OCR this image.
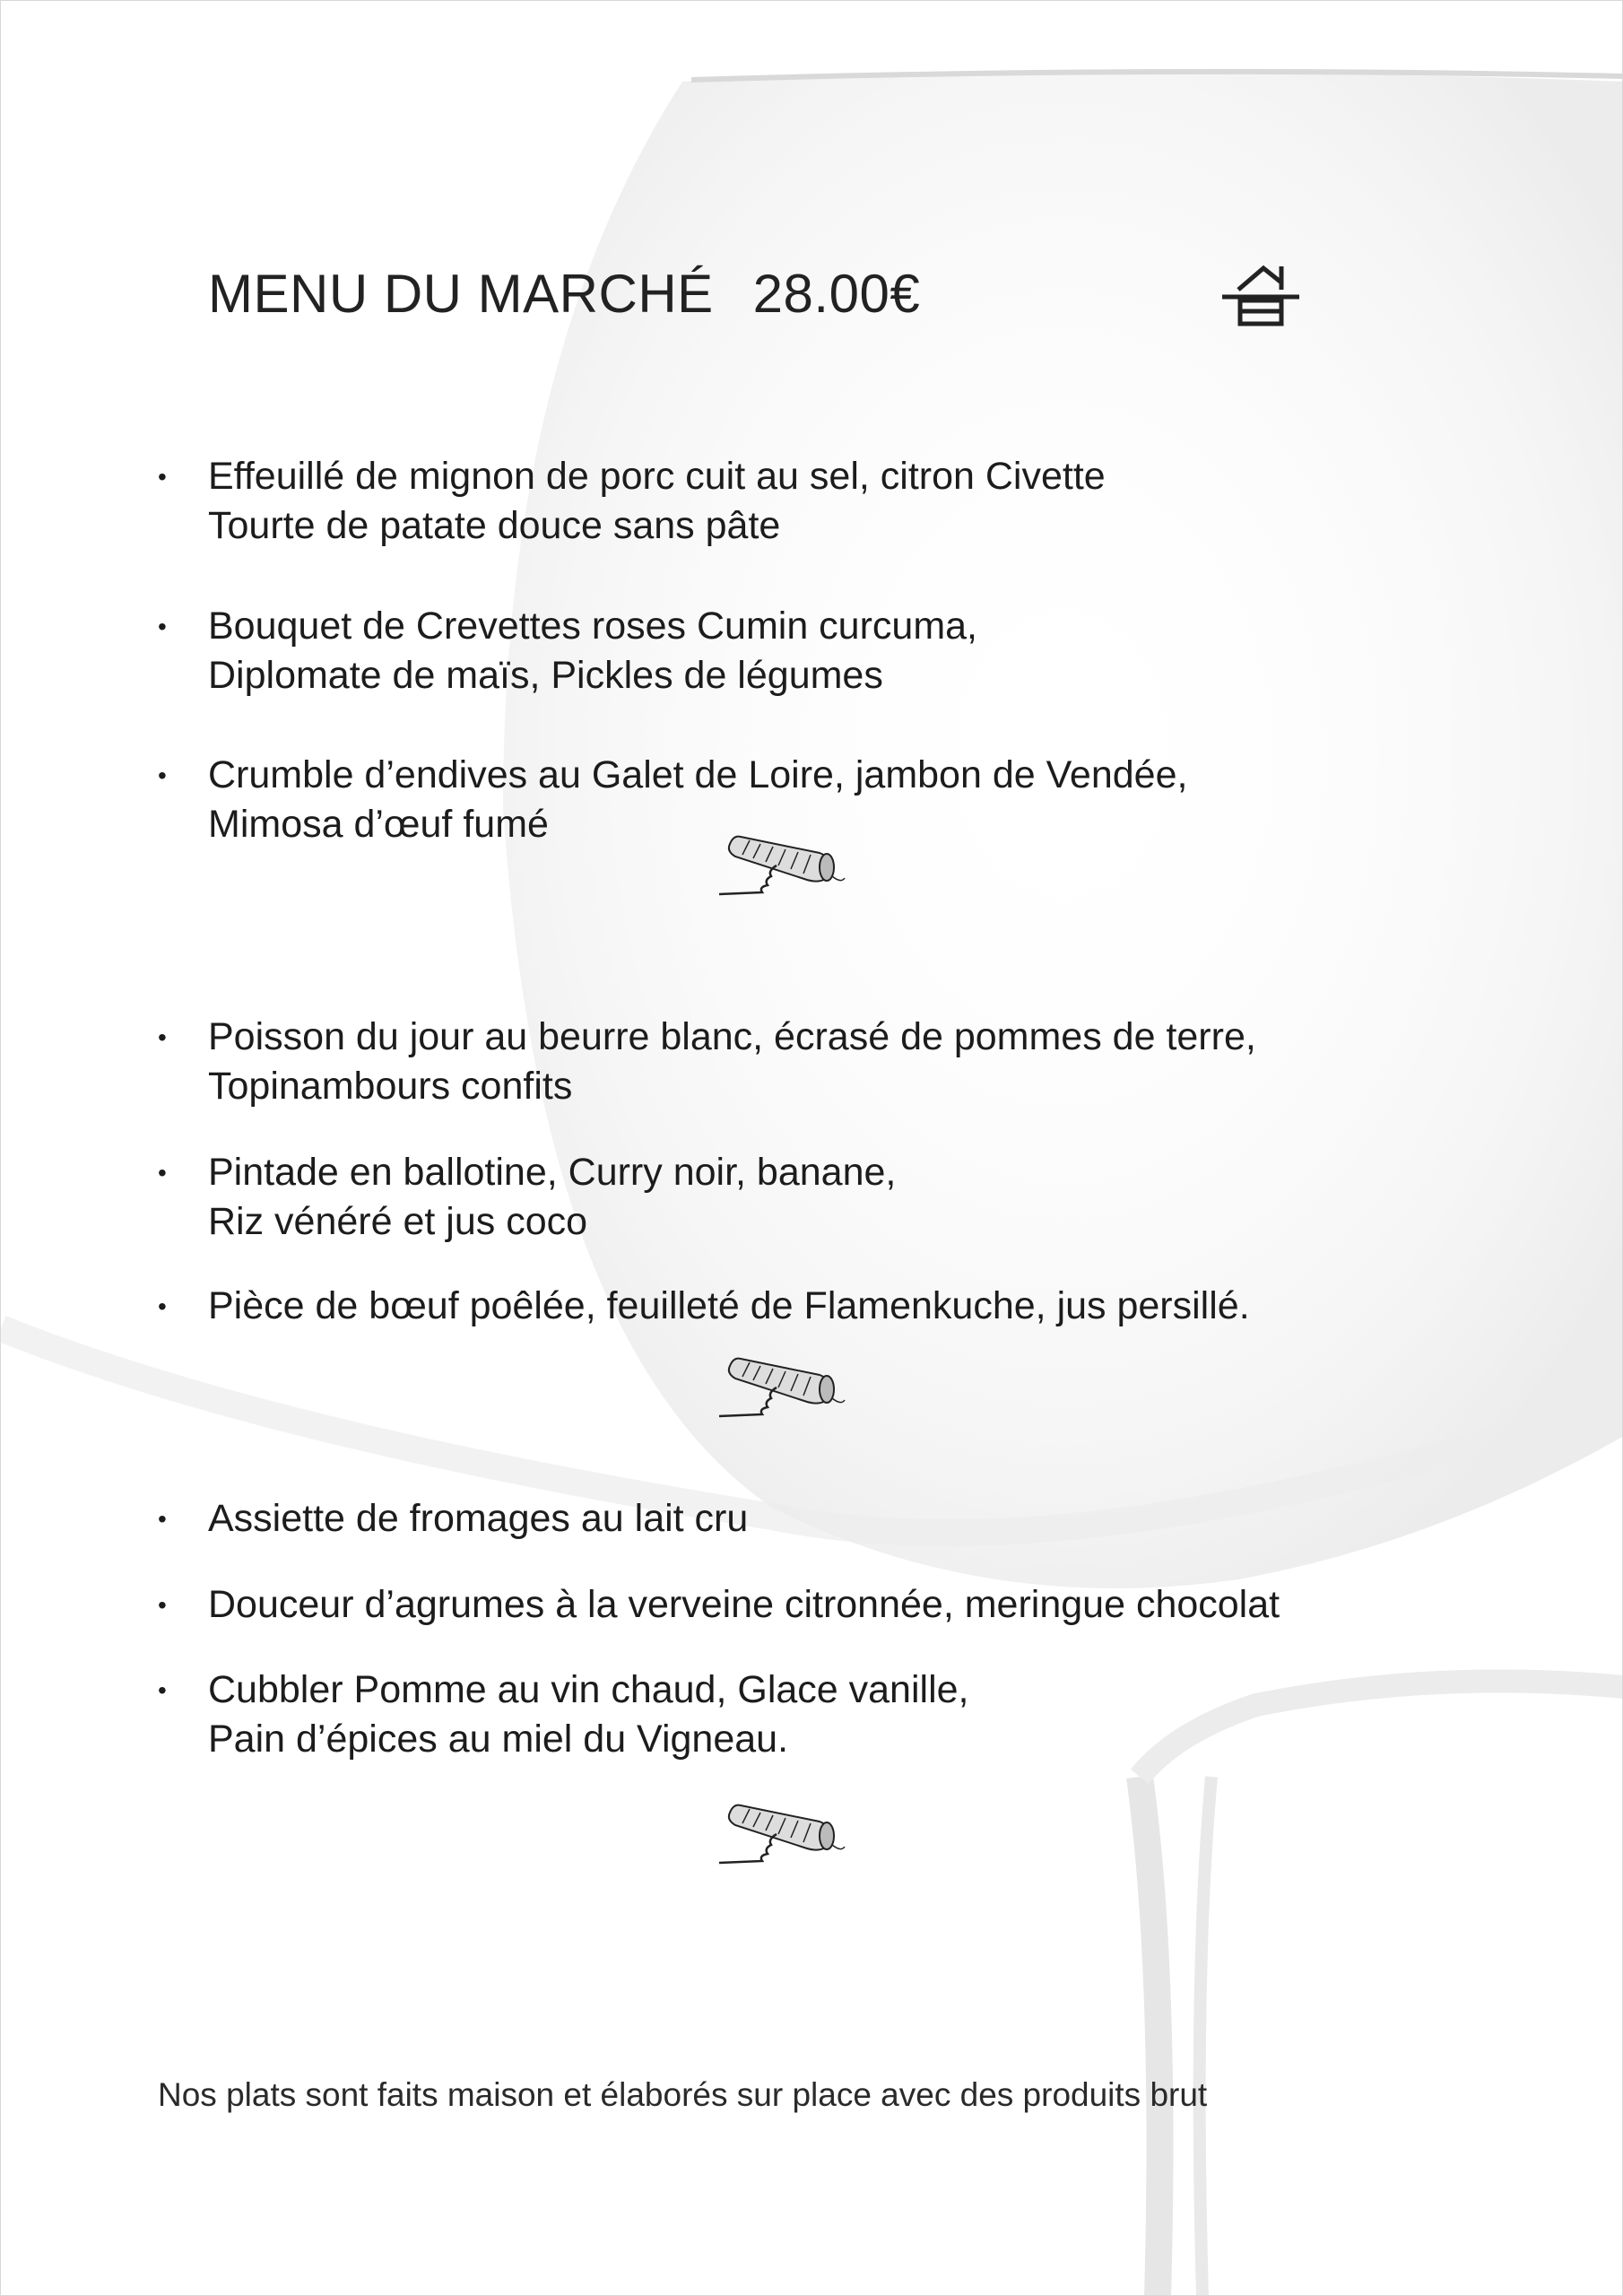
MENU DU MARCHÉ 28.00€
•	Effeuillé de mignon de porc cuit au sel, citron Civette
Tourte de patate douce sans pâte
•	Bouquet de Crevettes roses Cumin curcuma,
Diplomate de maïs, Pickles de légumes
•	Crumble d’endives au Galet de Loire, jambon de Vendée,
Mimosa d’œuf fumé
•	Poisson du jour au beurre blanc, écrasé de pommes de terre,
Topinambours confits
•	Pintade en ballotine, Curry noir, banane,
Riz vénéré et jus coco
•	Pièce de bœuf poêlée, feuilleté de Flamenkuche, jus persillé.
•	Assiette de fromages au lait cru
•	Douceur d’agrumes à la verveine citronnée, meringue chocolat
•	Cubbler Pomme au vin chaud, Glace vanille,
Pain d’épices au miel du Vigneau.
Nos plats sont faits maison et élaborés sur place avec des produits brut
